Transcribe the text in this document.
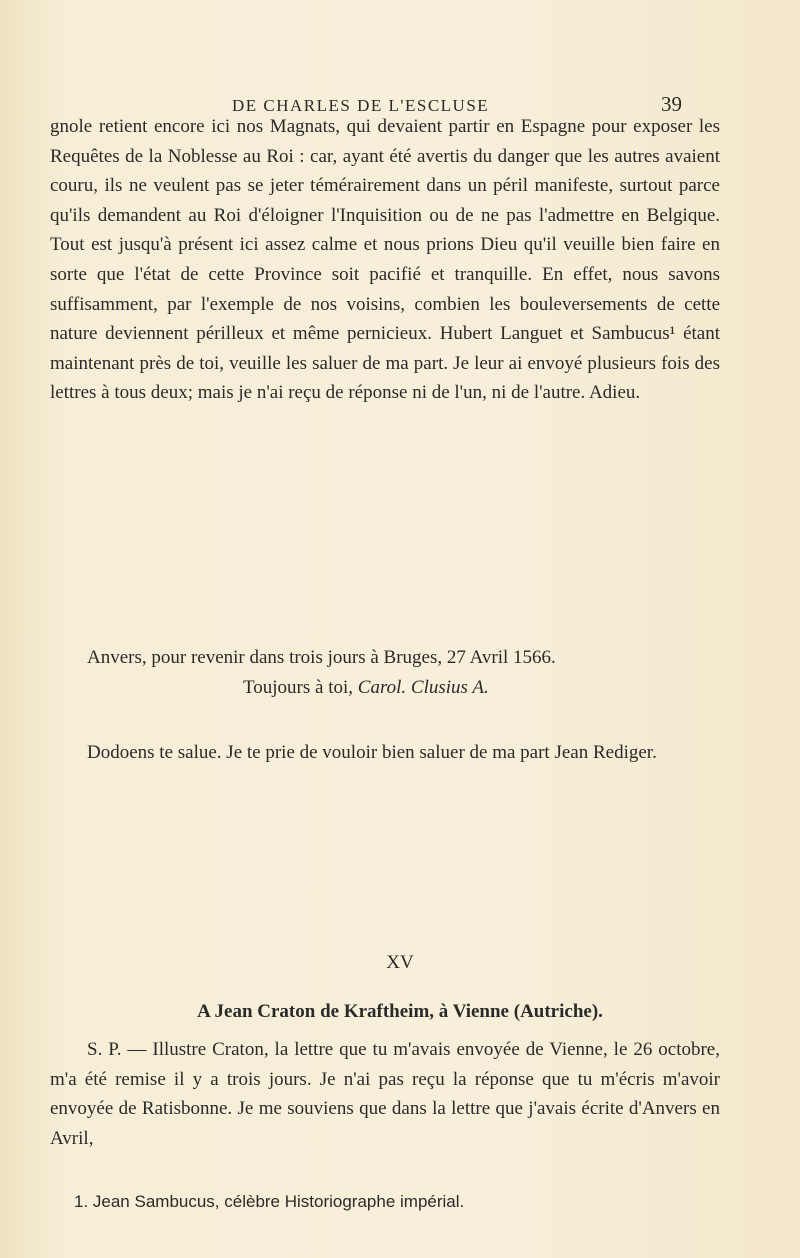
DE CHARLES DE L'ESCLUSE	39

gnole retient encore ici nos Magnats, qui devaient partir en Espagne pour exposer les Requêtes de la Noblesse au Roi : car, ayant été avertis du danger que les autres avaient couru, ils ne veulent pas se jeter témérairement dans un péril manifeste, surtout parce qu'ils demandent au Roi d'éloigner l'Inquisition ou de ne pas l'admettre en Belgique. Tout est jusqu'à présent ici assez calme et nous prions Dieu qu'il veuille bien faire en sorte que l'état de cette Province soit pacifié et tranquille. En effet, nous savons suffisamment, par l'exemple de nos voisins, combien les bouleversements de cette nature deviennent périlleux et même pernicieux. Hubert Languet et Sambucus¹ étant maintenant près de toi, veuille les saluer de ma part. Je leur ai envoyé plusieurs fois des lettres à tous deux; mais je n'ai reçu de réponse ni de l'un, ni de l'autre. Adieu.

Anvers, pour revenir dans trois jours à Bruges, 27 Avril 1566.
Toujours à toi, Carol. Clusius A.
Dodoens te salue. Je te prie de vouloir bien saluer de ma part Jean Rediger.
XV
A Jean Craton de Kraftheim, à Vienne (Autriche).
S. P. — Illustre Craton, la lettre que tu m'avais envoyée de Vienne, le 26 octobre, m'a été remise il y a trois jours. Je n'ai pas reçu la réponse que tu m'écris m'avoir envoyée de Ratisbonne. Je me souviens que dans la lettre que j'avais écrite d'Anvers en Avril,
1. Jean Sambucus, célèbre Historiographe impérial.
